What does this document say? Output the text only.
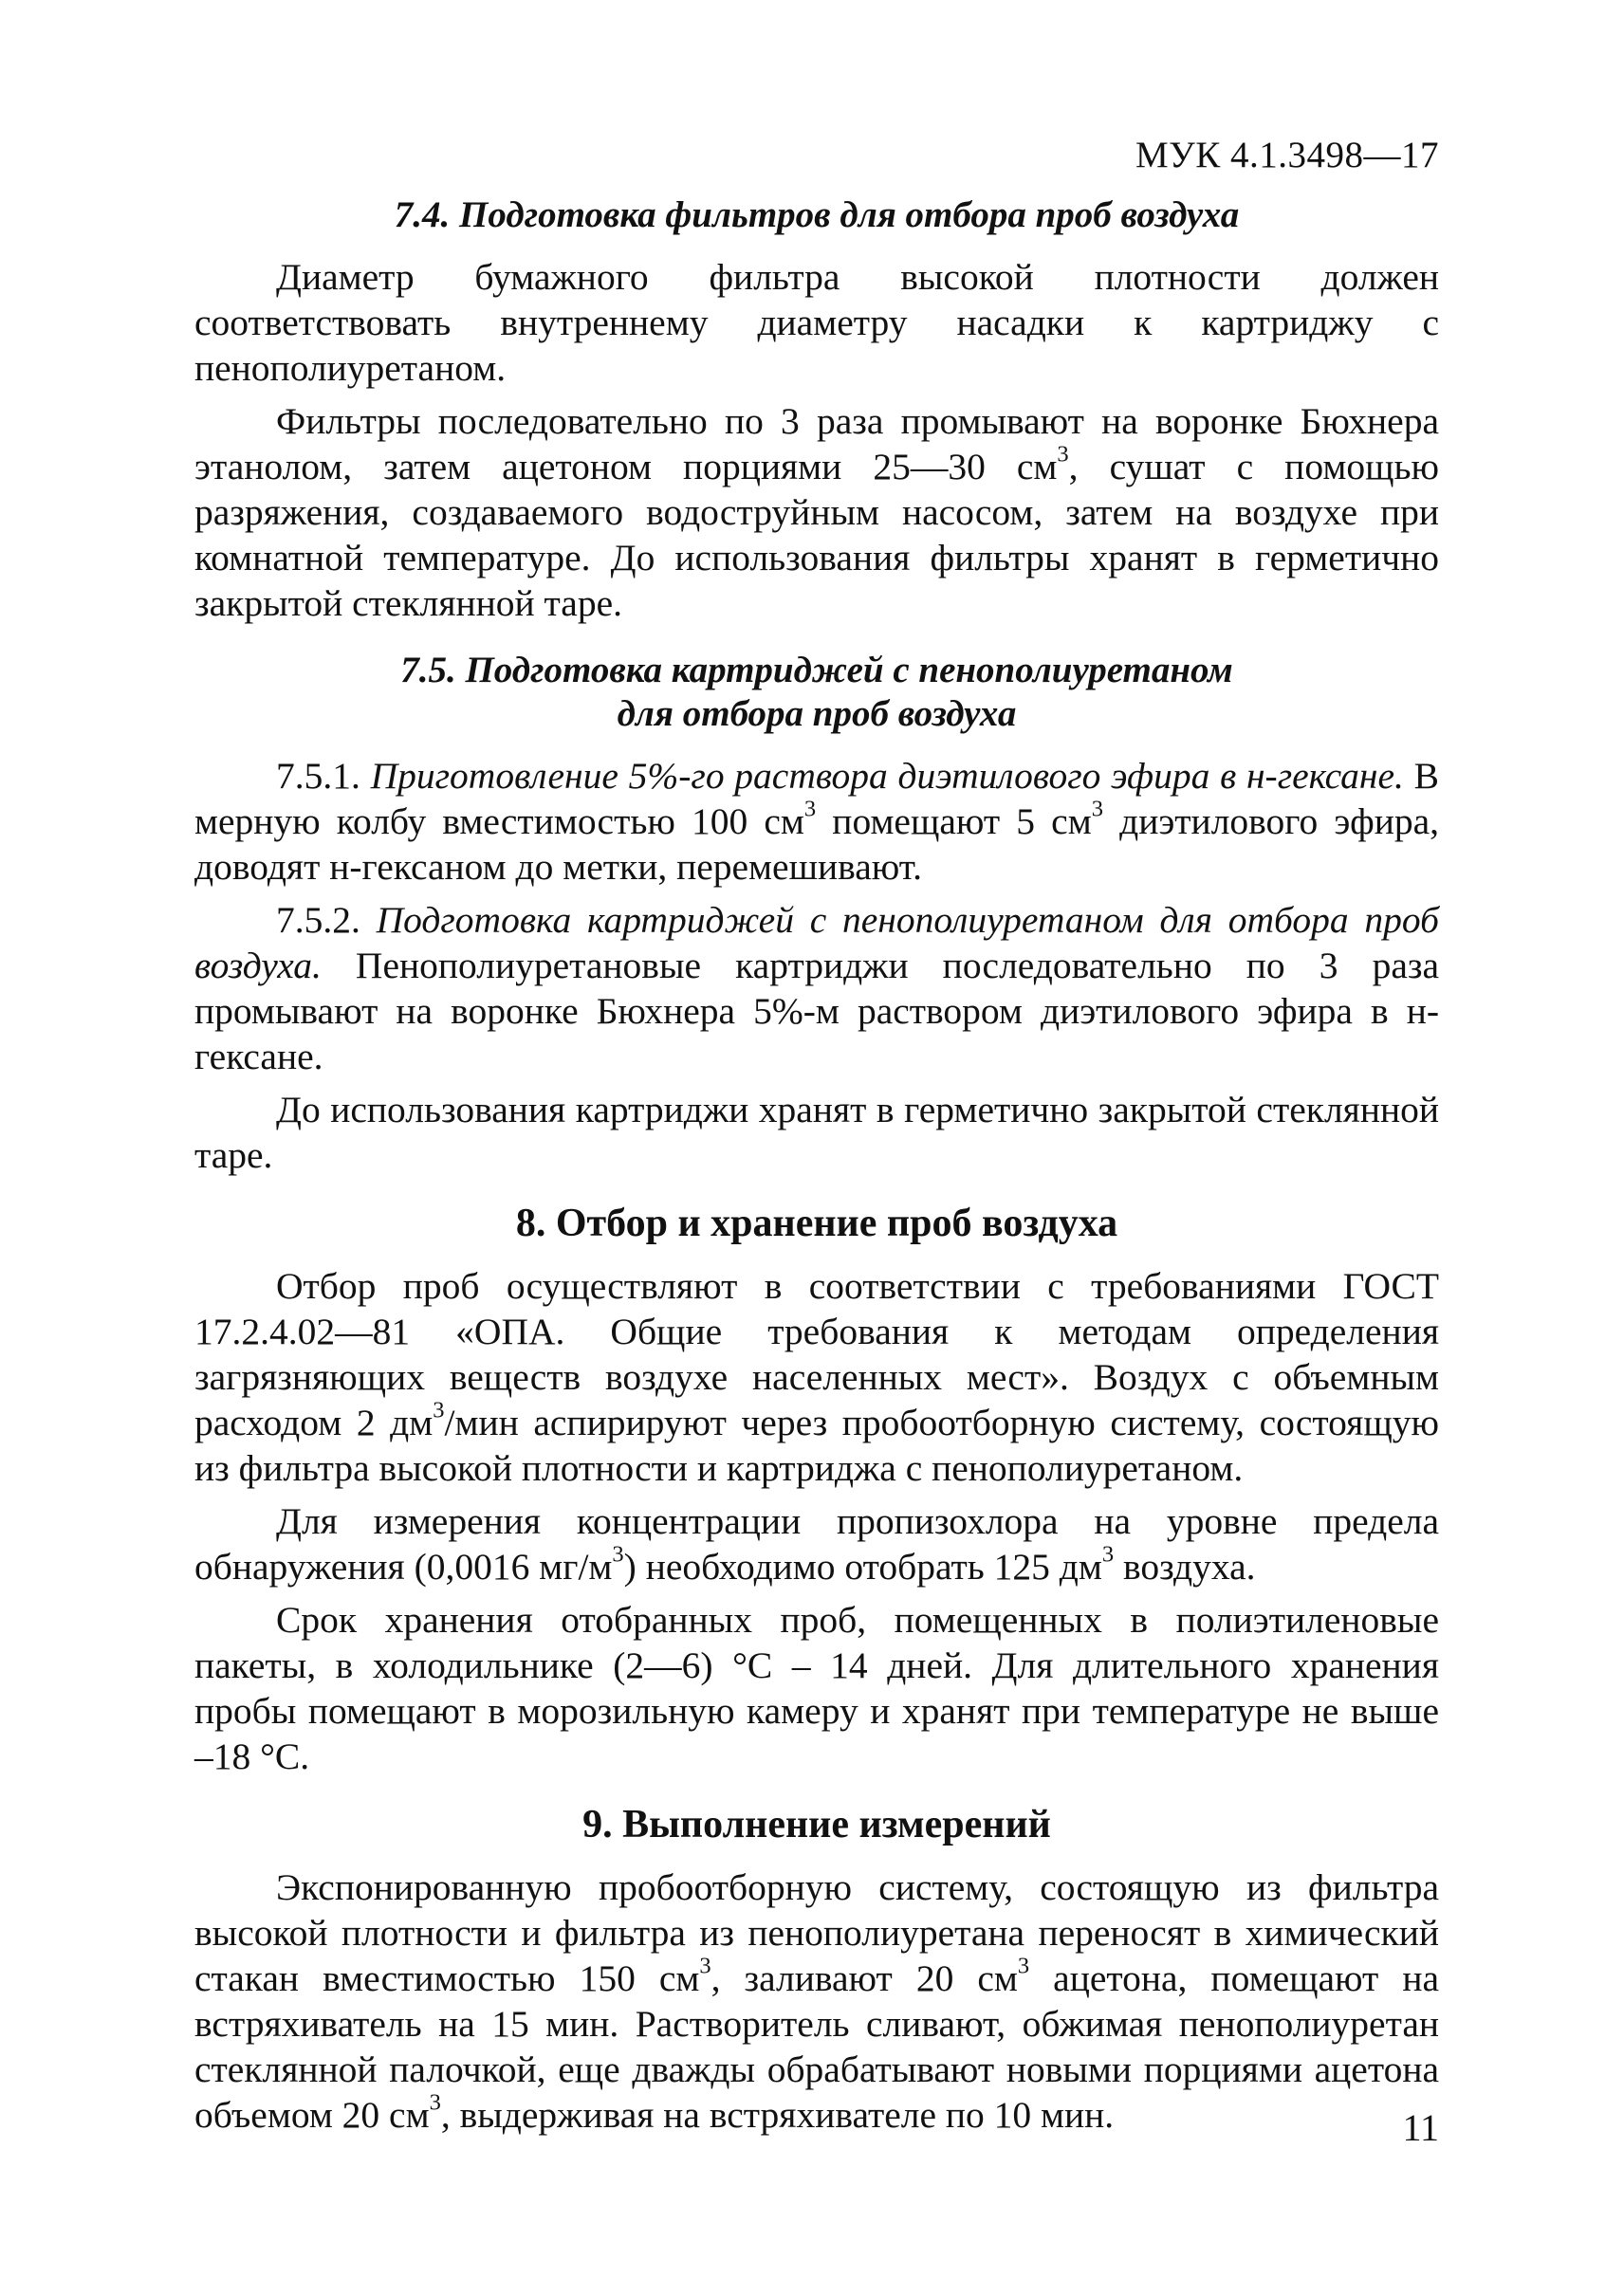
МУК 4.1.3498—17
7.4. Подготовка фильтров для отбора проб воздуха

Диаметр бумажного фильтра высокой плотности должен соответствовать внутреннему диаметру насадки к картриджу с пенополиуретаном.

Фильтры последовательно по 3 раза промывают на воронке Бюхнера этанолом, затем ацетоном порциями 25—30 $см^3$, сушат с помощью разряжения, создаваемого водоструйным насосом, затем на воздухе при комнатной температуре. До использования фильтры хранят в герметично закрытой стеклянной таре.

7.5. Подготовка картриджей с пенополиуретаном
для отбора проб воздуха

7.5.1. Приготовление 5%-го раствора диэтилового эфира в н-гексане. В мерную колбу вместимостью 100 $см^3$ помещают 5 $см^3$ диэтилового эфира, доводят н-гексаном до метки, перемешивают.

7.5.2. Подготовка картриджей с пенополиуретаном для отбора проб воздуха. Пенополиуретановые картриджи последовательно по 3 раза промывают на воронке Бюхнера 5%-м раствором диэтилового эфира в н-гексане.

До использования картриджи хранят в герметично закрытой стеклянной таре.

8. Отбор и хранение проб воздуха

Отбор проб осуществляют в соответствии с требованиями ГОСТ 17.2.4.02—81 «ОПА. Общие требования к методам определения загрязняющих веществ воздухе населенных мест». Воздух с объемным расходом 2 $дм^3$/мин аспирируют через пробоотборную систему, состоящую из фильтра высокой плотности и картриджа с пенополиуретаном.

Для измерения концентрации пропизохлора на уровне предела обнаружения (0,0016 $мг/м^3$) необходимо отобрать 125 $дм^3$ воздуха.

Срок хранения отобранных проб, помещенных в полиэтиленовые пакеты, в холодильнике (2—6) °С – 14 дней. Для длительного хранения пробы помещают в морозильную камеру и хранят при температуре не выше –18 °С.

9. Выполнение измерений

Экспонированную пробоотборную систему, состоящую из фильтра высокой плотности и фильтра из пенополиуретана переносят в химический стакан вместимостью 150 $см^3$, заливают 20 $см^3$ ацетона, помещают на встряхиватель на 15 мин. Растворитель сливают, обжимая пенополиуретан стеклянной палочкой, еще дважды обрабатывают новыми порциями ацетона объемом 20 $см^3$, выдерживая на встряхивателе по 10 мин.	11
